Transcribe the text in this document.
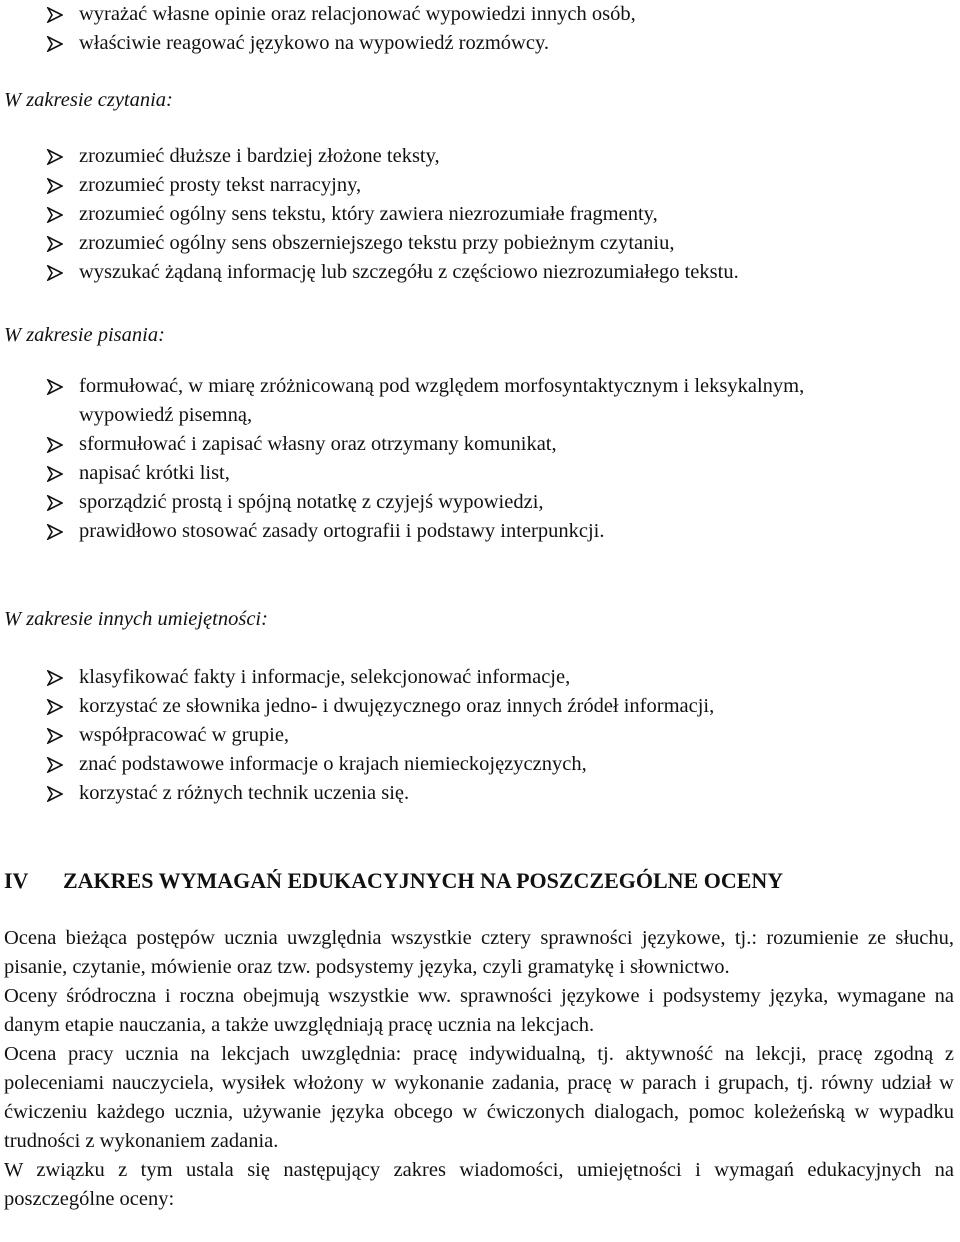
wyrażać własne opinie oraz relacjonować wypowiedzi innych osób,
właściwie reagować językowo na wypowiedź rozmówcy.
W zakresie czytania:
zrozumieć dłuższe i bardziej złożone teksty,
zrozumieć prosty tekst narracyjny,
zrozumieć ogólny sens tekstu, który zawiera niezrozumiałe fragmenty,
zrozumieć ogólny sens obszerniejszego tekstu przy pobieżnym czytaniu,
wyszukać żądaną informację lub szczegółu z częściowo niezrozumiałego tekstu.
W zakresie pisania:
formułować, w miarę zróżnicowaną pod względem morfosyntaktycznym i leksykalnym, wypowiedź pisemną,
sformułować i zapisać własny oraz otrzymany komunikat,
napisać krótki list,
sporządzić prostą i spójną notatkę z czyjejś wypowiedzi,
prawidłowo stosować zasady ortografii i podstawy interpunkcji.
W zakresie innych umiejętności:
klasyfikować fakty i informacje, selekcjonować informacje,
korzystać ze słownika jedno- i dwujęzycznego oraz innych źródeł informacji,
współpracować w grupie,
znać podstawowe informacje o krajach niemieckojęzycznych,
korzystać z różnych technik uczenia się.
IV ZAKRES WYMAGAŃ EDUKACYJNYCH NA POSZCZEGÓLNE OCENY

Ocena bieżąca postępów ucznia uwzględnia wszystkie cztery sprawności językowe, tj.: rozumienie ze słuchu, pisanie, czytanie, mówienie oraz tzw. podsystemy języka, czyli gramatykę i słownictwo.

Oceny śródroczna i roczna obejmują wszystkie ww. sprawności językowe i podsystemy języka, wymagane na danym etapie nauczania, a także uwzględniają pracę ucznia na lekcjach.

Ocena pracy ucznia na lekcjach uwzględnia: pracę indywidualną, tj. aktywność na lekcji, pracę zgodną z poleceniami nauczyciela, wysiłek włożony w wykonanie zadania, pracę w parach i grupach, tj. równy udział w ćwiczeniu każdego ucznia, używanie języka obcego w ćwiczonych dialogach, pomoc koleżeńską w wypadku trudności z wykonaniem zadania.

W związku z tym ustala się następujący zakres wiadomości, umiejętności i wymagań edukacyjnych na poszczególne oceny:
